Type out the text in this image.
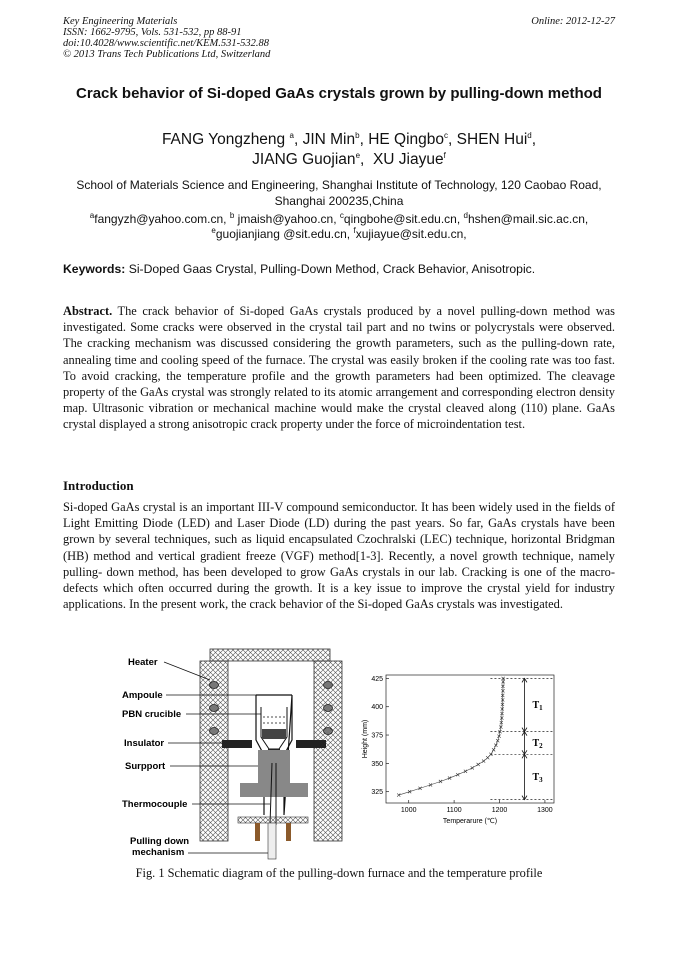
Key Engineering Materials
ISSN: 1662-9795, Vols. 531-532, pp 88-91
doi:10.4028/www.scientific.net/KEM.531-532.88
© 2013 Trans Tech Publications Ltd, Switzerland
Online: 2012-12-27
Crack behavior of Si-doped GaAs crystals grown by pulling-down method
FANG Yongzheng $^a$, JIN Min$^b$, HE Qingbo$^c$, SHEN Hui$^d$,
JIANG Guojian$^e$,  XU Jiayue$^f$
School of Materials Science and Engineering, Shanghai Institute of Technology, 120 Caobao Road, Shanghai 200235,China
$^a$fangyzh@yahoo.com.cn, $^b$ jmaish@yahoo.cn, $^c$qingbohe@sit.edu.cn, $^d$hshen@mail.sic.ac.cn,
$^e$guojianjiang @sit.edu.cn, $^f$xujiayue@sit.edu.cn,
Keywords: Si-Doped Gaas Crystal, Pulling-Down Method, Crack Behavior, Anisotropic.
Abstract. The crack behavior of Si-doped GaAs crystals produced by a novel pulling-down method was investigated. Some cracks were observed in the crystal tail part and no twins or polycrystals were observed. The cracking mechanism was discussed considering the growth parameters, such as the pulling-down rate, annealing time and cooling speed of the furnace. The crystal was easily broken if the cooling rate was too fast. To avoid cracking, the temperature profile and the growth parameters had been optimized. The cleavage property of the GaAs crystal was strongly related to its atomic arrangement and corresponding electron density map. Ultrasonic vibration or mechanical machine would make the crystal cleaved along (110) plane. GaAs crystal displayed a strong anisotropic crack property under the force of microindentation test.
Introduction
Si-doped GaAs crystal is an important III-V compound semiconductor. It has been widely used in the fields of Light Emitting Diode (LED) and Laser Diode (LD) during the past years. So far, GaAs crystals have been grown by several techniques, such as liquid encapsulated Czochralski (LEC) technique, horizontal Bridgman (HB) method and vertical gradient freeze (VGF) method[1-3]. Recently, a novel growth technique, namely pulling- down method, has been developed to grow GaAs crystals in our lab. Cracking is one of the macro-defects which often occurred during the growth. It is a key issue to improve the crystal yield for industry applications. In the present work, the crack behavior of the Si-doped GaAs crystals was investigated.
Heater
Ampoule
PBN crucible
Insulator
Surpport
Thermocouple
Pulling down
mechanism
1000	1100	1200	1300
325
350
375
400
425
$T_1$
$T_2$
$T_3$
Temperarure (℃)
Height (mm)
Fig. 1 Schematic diagram of the pulling-down furnace and the temperature profile
